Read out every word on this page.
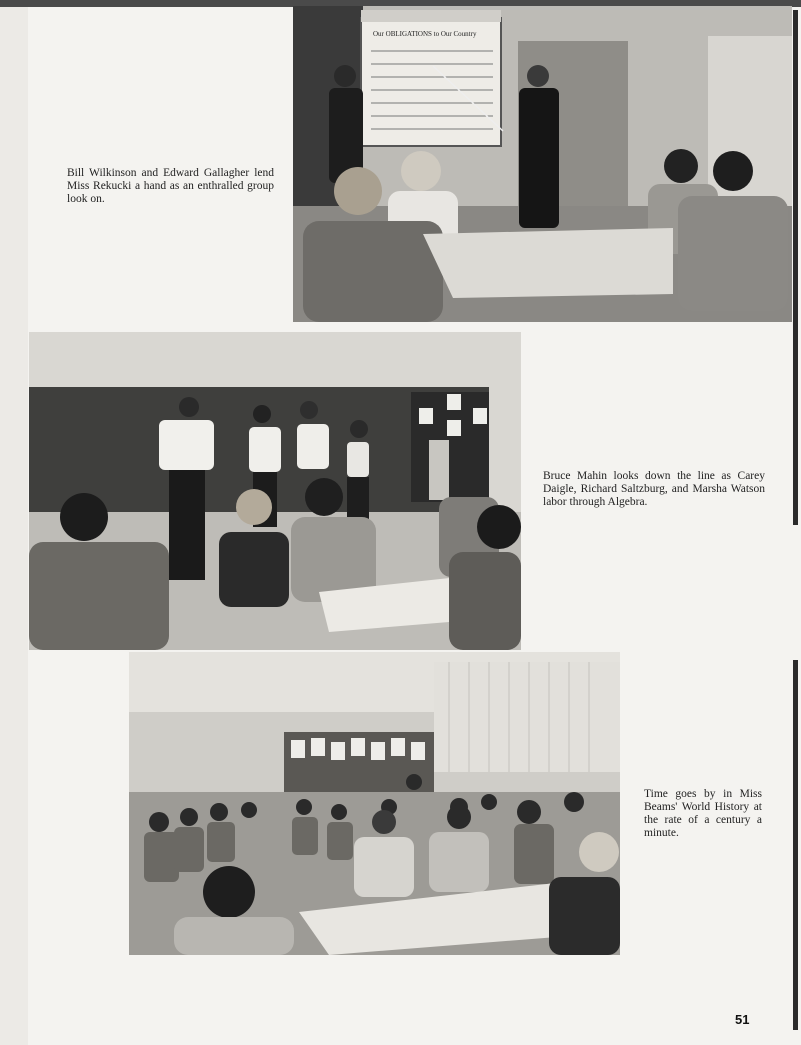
Our OBLIGATIONS to Our Country

Bill Wilkinson and Edward Gallagher lend Miss Rekucki a hand as an enthralled group look on.

Bruce Mahin looks down the line as Carey Daigle, Richard Saltzburg, and Marsha Watson labor through Algebra.

Time goes by in Miss Beams' World History at the rate of a century a minute.

51
